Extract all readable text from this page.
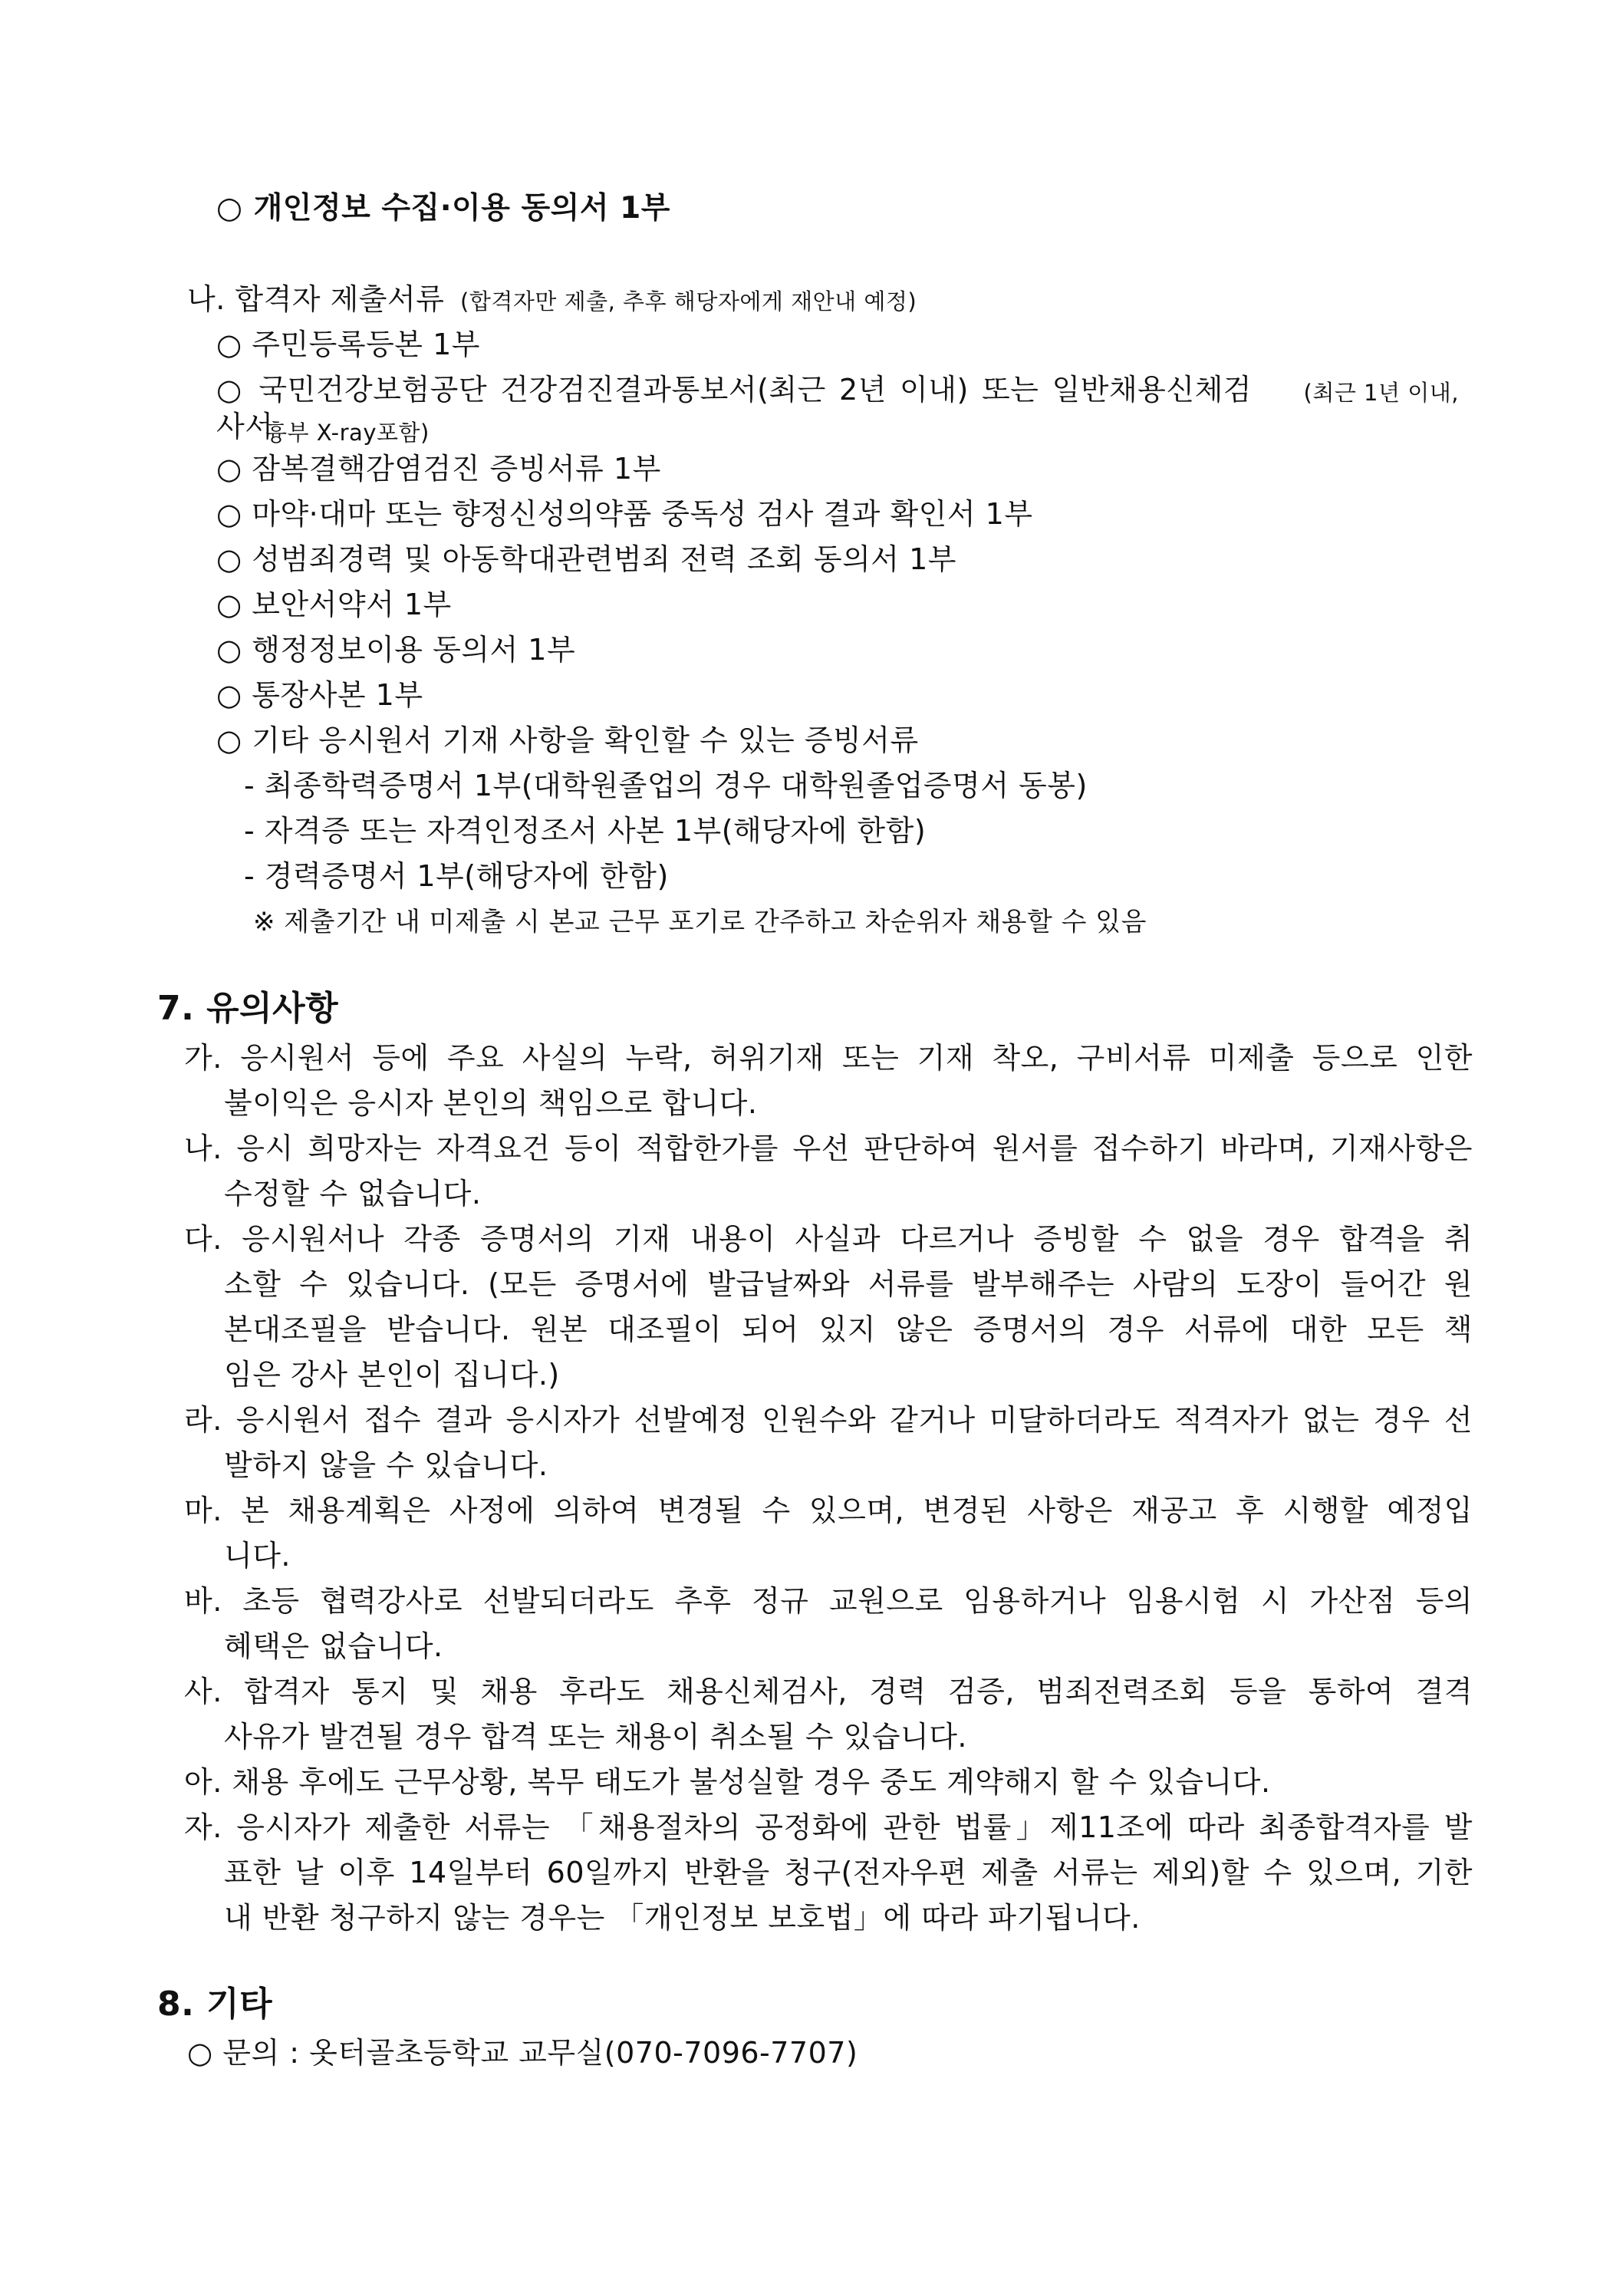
○ 개인정보 수집·이용 동의서 1부
나. 합격자 제출서류 (합격자만 제출, 추후 해당자에게 재안내 예정)
○ 주민등록등본 1부
○ 국민건강보험공단 건강검진결과통보서(최근 2년 이내) 또는 일반채용신체검사서(최근 1년 이내,
흉부 X-ray포함)
○ 잠복결핵감염검진 증빙서류 1부
○ 마약·대마 또는 향정신성의약품 중독성 검사 결과 확인서 1부
○ 성범죄경력 및 아동학대관련범죄 전력 조회 동의서 1부
○ 보안서약서 1부
○ 행정정보이용 동의서 1부
○ 통장사본 1부
○ 기타 응시원서 기재 사항을 확인할 수 있는 증빙서류
- 최종학력증명서 1부(대학원졸업의 경우 대학원졸업증명서 동봉)
- 자격증 또는 자격인정조서 사본 1부(해당자에 한함)
- 경력증명서 1부(해당자에 한함)
※ 제출기간 내 미제출 시 본교 근무 포기로 간주하고 차순위자 채용할 수 있음
7. 유의사항
가. 응시원서 등에 주요 사실의 누락, 허위기재 또는 기재 착오, 구비서류 미제출 등으로 인한
불이익은 응시자 본인의 책임으로 합니다.
나. 응시 희망자는 자격요건 등이 적합한가를 우선 판단하여 원서를 접수하기 바라며, 기재사항은
수정할 수 없습니다.
다. 응시원서나 각종 증명서의 기재 내용이 사실과 다르거나 증빙할 수 없을 경우 합격을 취
소할 수 있습니다. (모든 증명서에 발급날짜와 서류를 발부해주는 사람의 도장이 들어간 원
본대조필을 받습니다. 원본 대조필이 되어 있지 않은 증명서의 경우 서류에 대한 모든 책
임은 강사 본인이 집니다.)
라. 응시원서 접수 결과 응시자가 선발예정 인원수와 같거나 미달하더라도 적격자가 없는 경우 선
발하지 않을 수 있습니다.
마. 본 채용계획은 사정에 의하여 변경될 수 있으며, 변경된 사항은 재공고 후 시행할 예정입
니다.
바. 초등 협력강사로 선발되더라도 추후 정규 교원으로 임용하거나 임용시험 시 가산점 등의
혜택은 없습니다.
사. 합격자 통지 및 채용 후라도 채용신체검사, 경력 검증, 범죄전력조회 등을 통하여 결격
사유가 발견될 경우 합격 또는 채용이 취소될 수 있습니다.
아. 채용 후에도 근무상황, 복무 태도가 불성실할 경우 중도 계약해지 할 수 있습니다.
자. 응시자가 제출한 서류는 「채용절차의 공정화에 관한 법률」제11조에 따라 최종합격자를 발
표한 날 이후 14일부터 60일까지 반환을 청구(전자우편 제출 서류는 제외)할 수 있으며, 기한
내 반환 청구하지 않는 경우는 「개인정보 보호법」에 따라 파기됩니다.
8. 기타
○ 문의 : 옷터골초등학교 교무실(070-7096-7707)
